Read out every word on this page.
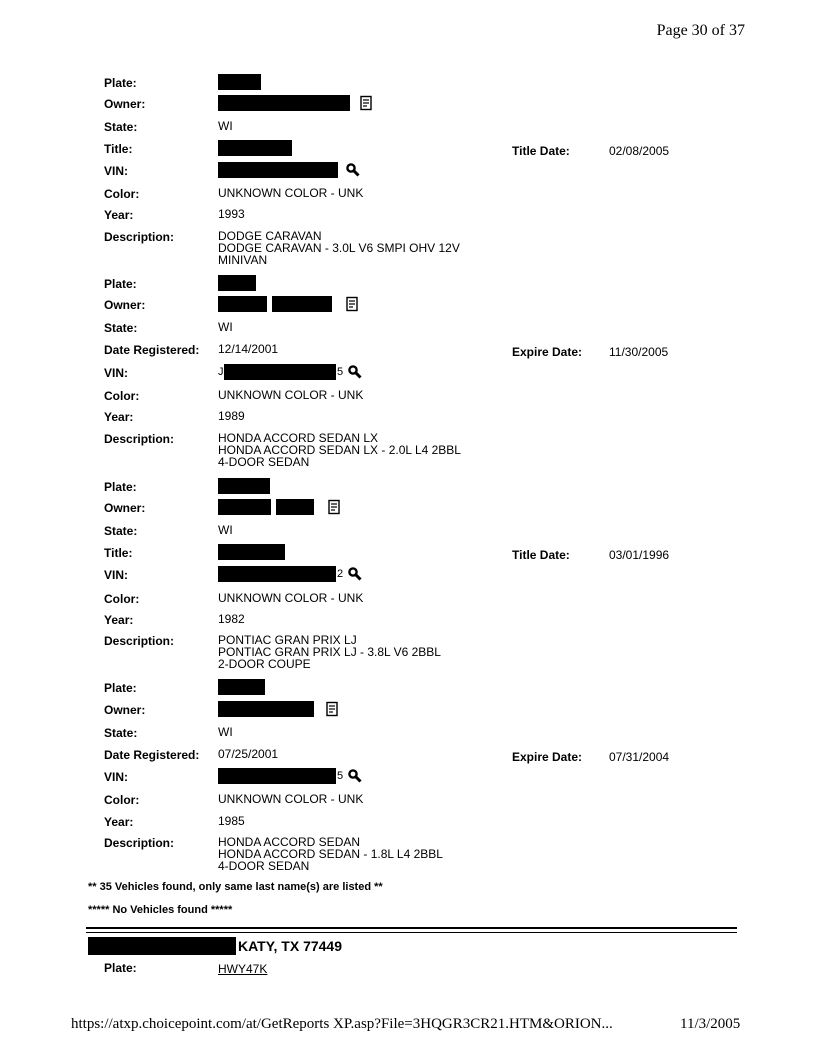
Page 30 of 37
Plate:
Owner:
State:	WI
Title:	Title Date:	02/08/2005
VIN:
Color:	UNKNOWN COLOR - UNK
Year:	1993
Description:	DODGE CARAVAN
DODGE CARAVAN - 3.0L V6 SMPI OHV 12V
MINIVAN
Plate:
Owner:
State:	WI
Date Registered: 12/14/2001	Expire Date: 11/30/2005
VIN:	J	5
Color:	UNKNOWN COLOR - UNK
Year:	1989
Description:	HONDA ACCORD SEDAN LX
HONDA ACCORD SEDAN LX - 2.0L L4 2BBL
4-DOOR SEDAN
Plate:
Owner:
State:	WI
Title:	Title Date:	03/01/1996
VIN:	2
Color:	UNKNOWN COLOR - UNK
Year:	1982
Description:	PONTIAC GRAN PRIX LJ
PONTIAC GRAN PRIX LJ - 3.8L V6 2BBL
2-DOOR COUPE
Plate:
Owner:
State:	WI
Date Registered: 07/25/2001	Expire Date: 07/31/2004
VIN:	5
Color:	UNKNOWN COLOR - UNK
Year:	1985
Description:	HONDA ACCORD SEDAN
HONDA ACCORD SEDAN - 1.8L L4 2BBL
4-DOOR SEDAN
** 35 Vehicles found, only same last name(s) are listed **
***** No Vehicles found *****
KATY, TX 77449
Plate:	HWY47K
https://atxp.choicepoint.com/at/GetReports XP.asp?File=3HQGR3CR21.HTM&ORION...	11/3/2005
